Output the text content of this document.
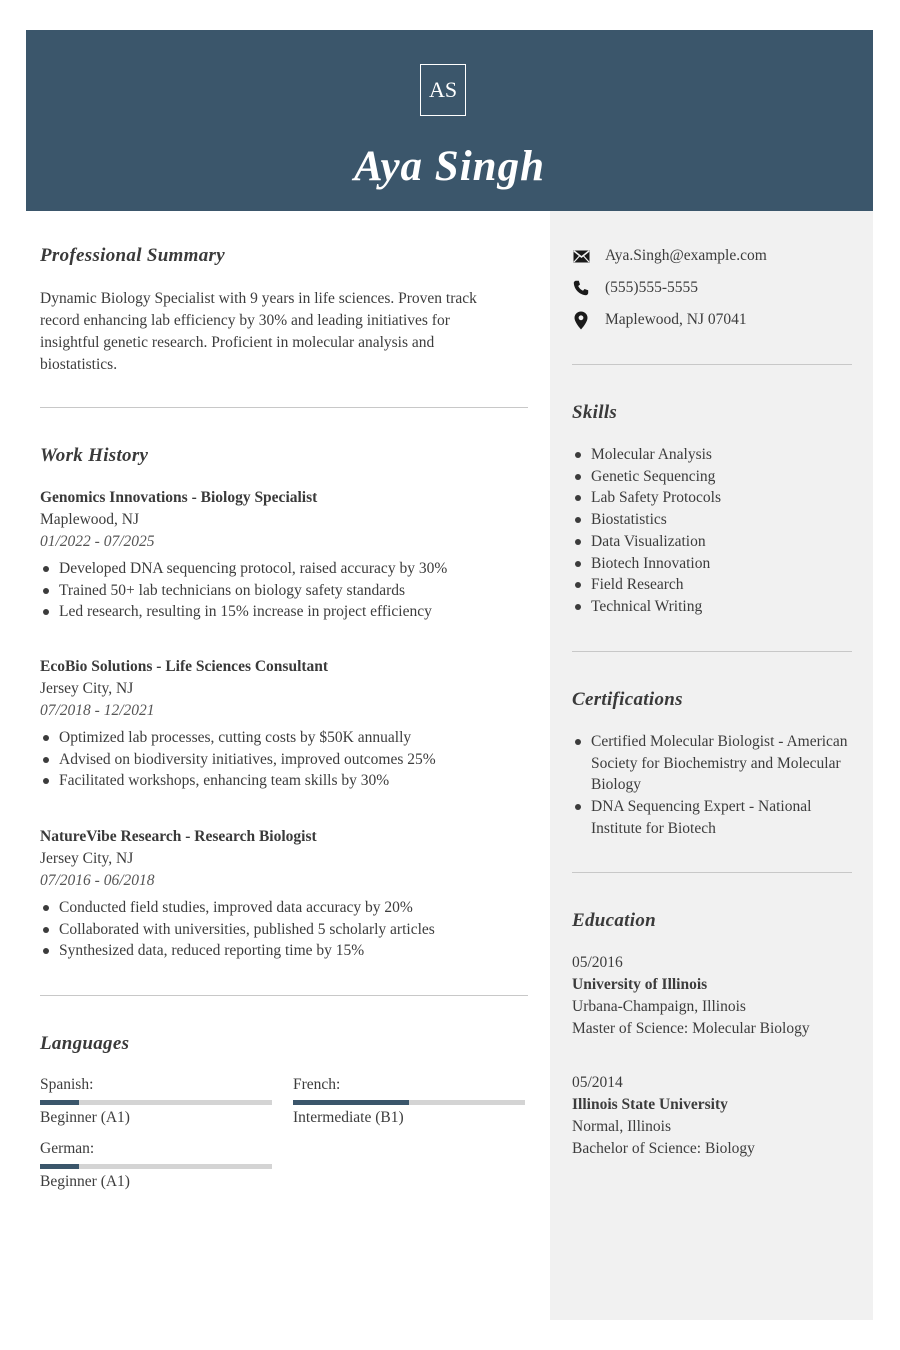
AS
Aya Singh
Professional Summary
Dynamic Biology Specialist with 9 years in life sciences. Proven track record enhancing lab efficiency by 30% and leading initiatives for insightful genetic research. Proficient in molecular analysis and biostatistics.
Work History
Genomics Innovations - Biology Specialist
Maplewood, NJ
01/2022 - 07/2025
Developed DNA sequencing protocol, raised accuracy by 30%
Trained 50+ lab technicians on biology safety standards
Led research, resulting in 15% increase in project efficiency
EcoBio Solutions - Life Sciences Consultant
Jersey City, NJ
07/2018 - 12/2021
Optimized lab processes, cutting costs by $50K annually
Advised on biodiversity initiatives, improved outcomes 25%
Facilitated workshops, enhancing team skills by 30%
NatureVibe Research - Research Biologist
Jersey City, NJ
07/2016 - 06/2018
Conducted field studies, improved data accuracy by 20%
Collaborated with universities, published 5 scholarly articles
Synthesized data, reduced reporting time by 15%
Languages
Spanish:
Beginner (A1)
French:
Intermediate (B1)
German:
Beginner (A1)
Aya.Singh@example.com
(555)555-5555
Maplewood, NJ 07041
Skills
Molecular Analysis
Genetic Sequencing
Lab Safety Protocols
Biostatistics
Data Visualization
Biotech Innovation
Field Research
Technical Writing
Certifications
Certified Molecular Biologist - American Society for Biochemistry and Molecular Biology
DNA Sequencing Expert - National Institute for Biotech
Education
05/2016
University of Illinois
Urbana-Champaign, Illinois
Master of Science: Molecular Biology
05/2014
Illinois State University
Normal, Illinois
Bachelor of Science: Biology
